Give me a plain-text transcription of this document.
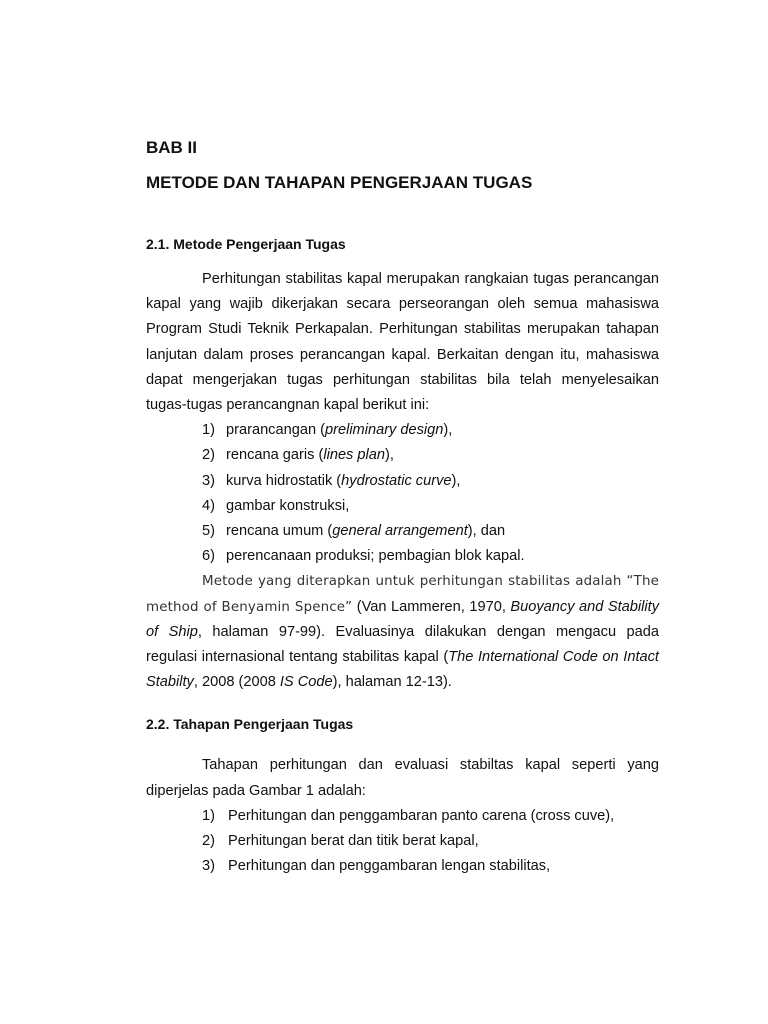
BAB II
METODE DAN TAHAPAN PENGERJAAN TUGAS
2.1. Metode Pengerjaan Tugas

Perhitungan stabilitas kapal merupakan rangkaian tugas perancangan kapal yang wajib dikerjakan secara perseorangan oleh semua mahasiswa Program Studi Teknik Perkapalan. Perhitungan stabilitas merupakan tahapan lanjutan dalam proses perancangan kapal. Berkaitan dengan itu, mahasiswa dapat mengerjakan tugas perhitungan stabilitas bila telah menyelesaikan tugas-tugas perancangnan kapal berikut ini:

1) prarancangan (preliminary design),
2) rencana garis (lines plan),
3) kurva hidrostatik (hydrostatic curve),
4) gambar konstruksi,
5) rencana umum (general arrangement), dan
6) perencanaan produksi; pembagian blok kapal.

Metode yang diterapkan untuk perhitungan stabilitas adalah “The method of Benyamin Spence” (Van Lammeren, 1970, Buoyancy and Stability of Ship, halaman 97-99). Evaluasinya dilakukan dengan mengacu pada regulasi internasional tentang stabilitas kapal (The International Code on Intact Stabilty, 2008 (2008 IS Code), halaman 12-13).

2.2. Tahapan Pengerjaan Tugas

Tahapan perhitungan dan evaluasi stabiltas kapal seperti yang diperjelas pada Gambar 1 adalah:

1) Perhitungan dan penggambaran panto carena (cross cuve),
2) Perhitungan berat dan titik berat kapal,
3) Perhitungan dan penggambaran lengan stabilitas,
